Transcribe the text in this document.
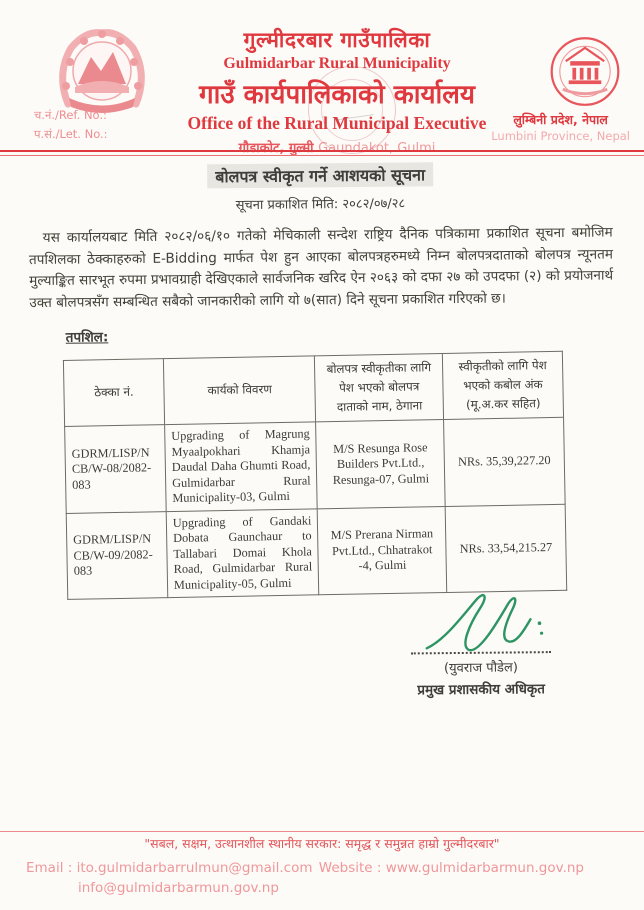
च.नं./Ref. No.:
प.सं./Let. No.:
गुल्मीदरबार गाउँपालिका
Gulmidarbar Rural Municipality
गाउँ कार्यपालिकाको कार्यालय
Office of the Rural Municipal Executive
गौडाकोट, गुल्मी Gaundakot, Gulmi
लुम्बिनी प्रदेश, नेपाल
Lumbini Province, Nepal
बोलपत्र स्वीकृत गर्ने आशयको सूचना
सूचना प्रकाशित मिति: २०८२/०७/२८

यस कार्यालयबाट मिति २०८२/०६/१० गतेको मेचिकाली सन्देश राष्ट्रिय दैनिक पत्रिकामा प्रकाशित सूचना बमोजिम तपशिलका ठेक्काहरुको E-Bidding मार्फत पेश हुन आएका बोलपत्रहरुमध्ये निम्न बोलपत्रदाताको बोलपत्र न्यूनतम मुल्याङ्कित सारभूत रुपमा प्रभावग्राही देखिएकाले सार्वजनिक खरिद ऐन २०६३ को दफा २७ को उपदफा (२) को प्रयोजनार्थ उक्त बोलपत्रसँग सम्बन्धित सबैको जानकारीको लागि यो ७(सात) दिने सूचना प्रकाशित गरिएको छ।

तपशिल:
ठेक्का नं.	कार्यको विवरण	बोलपत्र स्वीकृतीका लागि पेश भएको बोलपत्र दाताको नाम, ठेगाना	स्वीकृतीको लागि पेश भएको कबोल अंक (मू.अ.कर सहित)
GDRM/LISP/N CB/W-08/2082-083	Upgrading of Magrung Myaalpokhari Khamja Daudal Daha Ghumti Road, Gulmidarbar Rural Municipality-03, Gulmi	M/S Resunga Rose Builders Pvt.Ltd., Resunga-07, Gulmi	NRs. 35,39,227.20
GDRM/LISP/N CB/W-09/2082-083	Upgrading of Gandaki Dobata Gaunchaur to Tallabari Domai Khola Road, Gulmidarbar Rural Municipality-05, Gulmi	M/S Prerana Nirman Pvt.Ltd., Chhatrakot -4, Gulmi	NRs. 33,54,215.27
(युवराज पौडेल)
प्रमुख प्रशासकीय अधिकृत
"सबल, सक्षम, उत्थानशील स्थानीय सरकार: समृद्ध र समुन्नत हाम्रो गुल्मीदरबार"
Email : ito.gulmidarbarrulmun@gmail.com
info@gulmidarbarmun.gov.np
Website : www.gulmidarbarmun.gov.np
